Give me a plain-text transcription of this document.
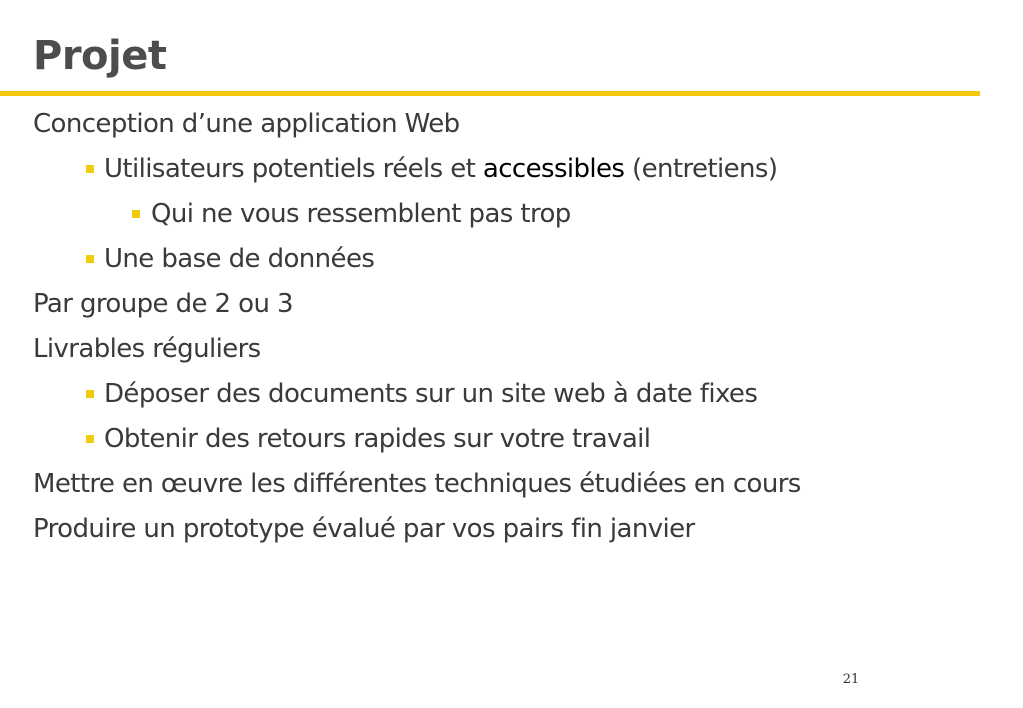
Projet
Conception d’une application Web
Utilisateurs potentiels réels et accessibles (entretiens)
Qui ne vous ressemblent pas trop
Une base de données
Par groupe de 2 ou 3
Livrables réguliers
Déposer des documents sur un site web à date fixes
Obtenir des retours rapides sur votre travail
Mettre en œuvre les différentes techniques étudiées en cours
Produire un prototype évalué par vos pairs fin janvier
21
